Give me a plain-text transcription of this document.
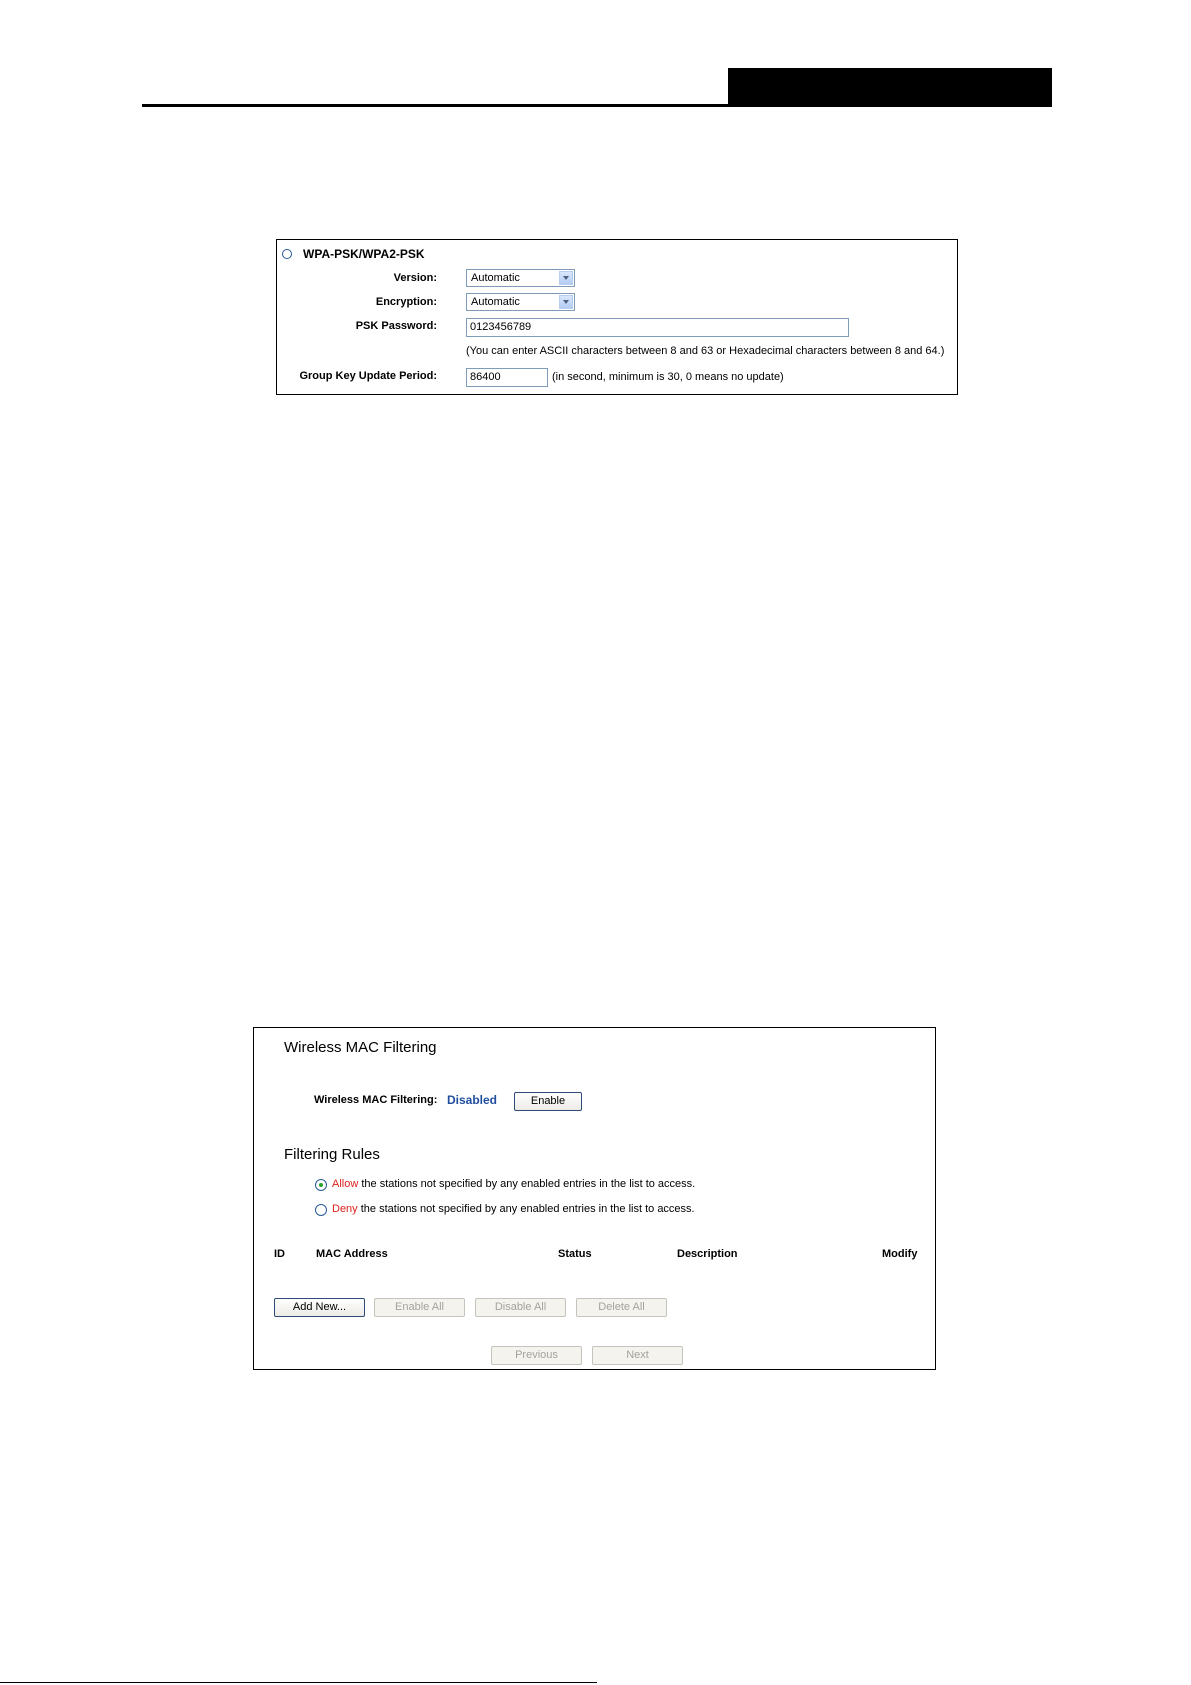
WPA-PSK/WPA2-PSK
Version:	Automatic
Encryption:	Automatic
PSK Password:	0123456789
(You can enter ASCII characters between 8 and 63 or Hexadecimal characters between 8 and 64.)
Group Key Update Period:	86400	(in second, minimum is 30, 0 means no update)
Wireless MAC Filtering
Wireless MAC Filtering: Disabled	Enable
Filtering Rules
Allow the stations not specified by any enabled entries in the list to access.
Deny the stations not specified by any enabled entries in the list to access.
ID	MAC Address	Status	Description	Modify
Add New...	Enable All	Disable All	Delete All
Previous	Next
